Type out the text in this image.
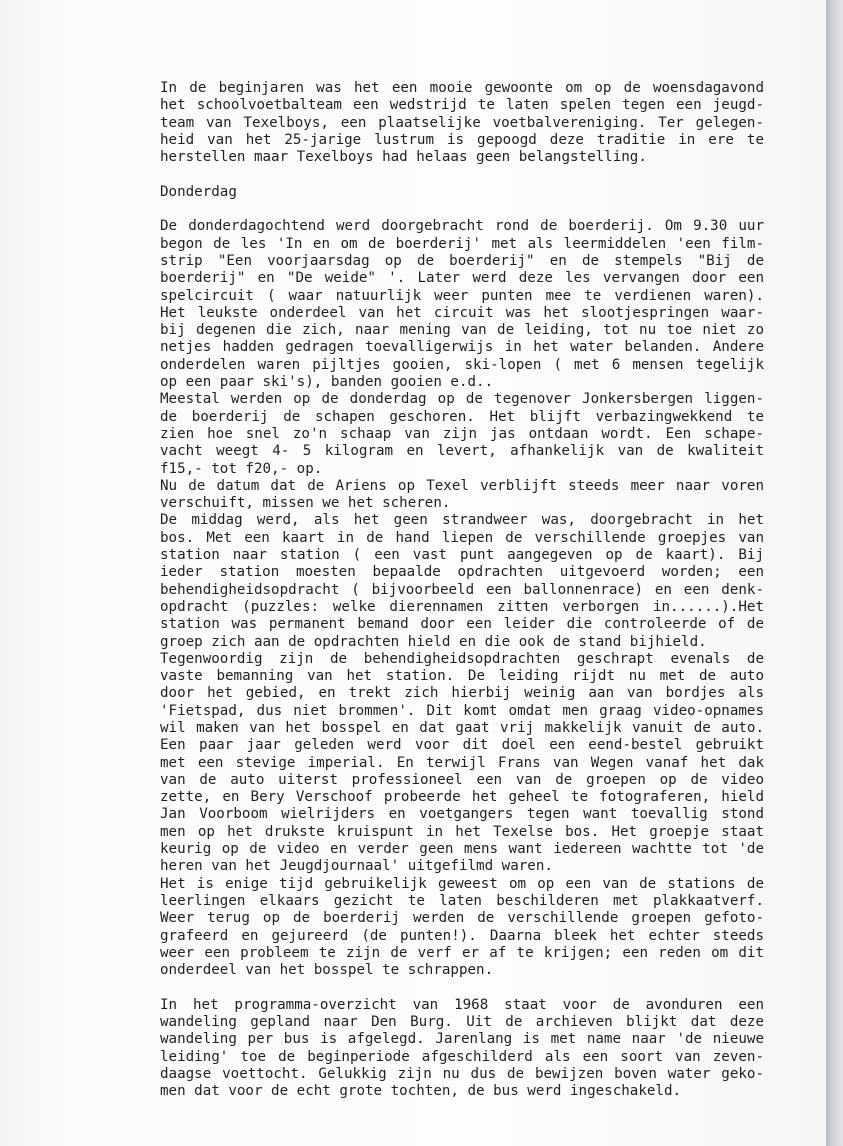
In de beginjaren was het een mooie gewoonte om op de woensdagavond
het schoolvoetbalteam een wedstrijd te laten spelen tegen een jeugd-
team van Texelboys, een plaatselijke voetbalvereniging. Ter gelegen-
heid van het 25-jarige lustrum is gepoogd deze traditie in ere te
herstellen maar Texelboys had helaas geen belangstelling.
Donderdag
De donderdagochtend werd doorgebracht rond de boerderij. Om 9.30 uur
begon de les 'In en om de boerderij' met als leermiddelen 'een film-
strip "Een voorjaarsdag op de boerderij" en de stempels "Bij de
boerderij" en "De weide" '. Later werd deze les vervangen door een
spelcircuit ( waar natuurlijk weer punten mee te verdienen waren).
Het leukste onderdeel van het circuit was het slootjespringen waar-
bij degenen die zich, naar mening van de leiding, tot nu toe niet zo
netjes hadden gedragen toevalligerwijs in het water belanden. Andere
onderdelen waren pijltjes gooien, ski-lopen ( met 6 mensen tegelijk
op een paar ski's), banden gooien e.d..
Meestal werden op de donderdag op de tegenover Jonkersbergen liggen-
de boerderij de schapen geschoren. Het blijft verbazingwekkend te
zien hoe snel zo'n schaap van zijn jas ontdaan wordt. Een schape-
vacht weegt 4- 5 kilogram en levert, afhankelijk van de kwaliteit
f15,- tot f20,- op.
Nu de datum dat de Ariens op Texel verblijft steeds meer naar voren
verschuift, missen we het scheren.
De middag werd, als het geen strandweer was, doorgebracht in het
bos. Met een kaart in de hand liepen de verschillende groepjes van
station naar station ( een vast punt aangegeven op de kaart). Bij
ieder station moesten bepaalde opdrachten uitgevoerd worden; een
behendigheidsopdracht ( bijvoorbeeld een ballonnenrace) en een denk-
opdracht (puzzles: welke dierennamen zitten verborgen in......).Het
station was permanent bemand door een leider die controleerde of de
groep zich aan de opdrachten hield en die ook de stand bijhield.
Tegenwoordig zijn de behendigheidsopdrachten geschrapt evenals de
vaste bemanning van het station. De leiding rijdt nu met de auto
door het gebied, en trekt zich hierbij weinig aan van bordjes als
'Fietspad, dus niet brommen'. Dit komt omdat men graag video-opnames
wil maken van het bosspel en dat gaat vrij makkelijk vanuit de auto.
Een paar jaar geleden werd voor dit doel een eend-bestel gebruikt
met een stevige imperial. En terwijl Frans van Wegen vanaf het dak
van de auto uiterst professioneel een van de groepen op de video
zette, en Bery Verschoof probeerde het geheel te fotograferen, hield
Jan Voorboom wielrijders en voetgangers tegen want toevallig stond
men op het drukste kruispunt in het Texelse bos. Het groepje staat
keurig op de video en verder geen mens want iedereen wachtte tot 'de
heren van het Jeugdjournaal' uitgefilmd waren.
Het is enige tijd gebruikelijk geweest om op een van de stations de
leerlingen elkaars gezicht te laten beschilderen met plakkaatverf.
Weer terug op de boerderij werden de verschillende groepen gefoto-
grafeerd en gejureerd (de punten!). Daarna bleek het echter steeds
weer een probleem te zijn de verf er af te krijgen; een reden om dit
onderdeel van het bosspel te schrappen.
In het programma-overzicht van 1968 staat voor de avonduren een
wandeling gepland naar Den Burg. Uit de archieven blijkt dat deze
wandeling per bus is afgelegd. Jarenlang is met name naar 'de nieuwe
leiding' toe de beginperiode afgeschilderd als een soort van zeven-
daagse voettocht. Gelukkig zijn nu dus de bewijzen boven water geko-
men dat voor de echt grote tochten, de bus werd ingeschakeld.
